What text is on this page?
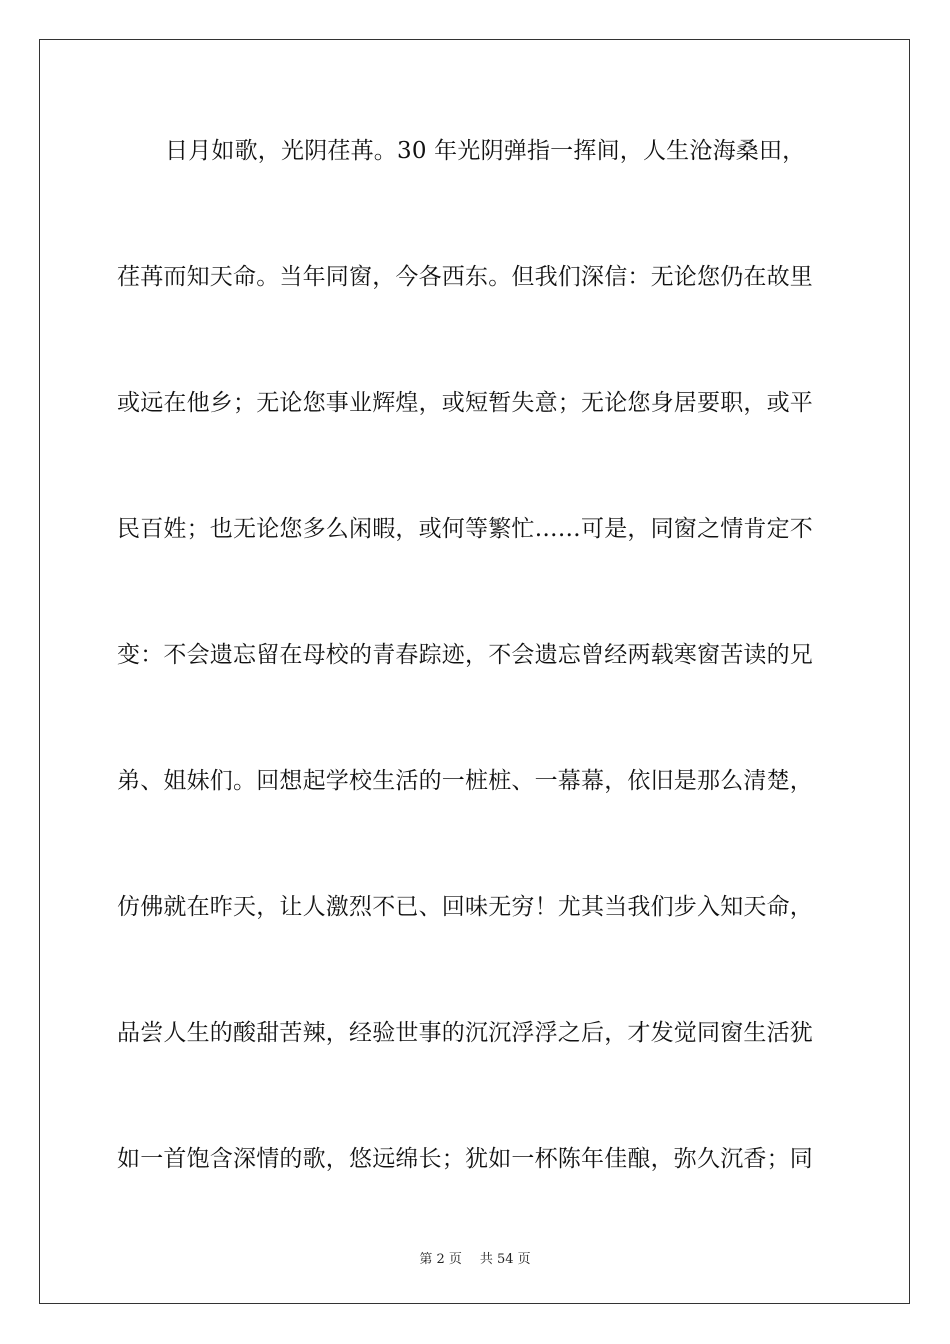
日月如歌，光阴荏苒。30 年光阴弹指一挥间，人生沧海桑田，
荏苒而知天命。当年同窗，今各西东。但我们深信：无论您仍在故里
或远在他乡；无论您事业辉煌，或短暂失意；无论您身居要职，或平
民百姓；也无论您多么闲暇，或何等繁忙……可是，同窗之情肯定不
变：不会遗忘留在母校的青春踪迹，不会遗忘曾经两载寒窗苦读的兄
弟、姐妹们。回想起学校生活的一桩桩、一幕幕，依旧是那么清楚，
仿佛就在昨天，让人激烈不已、回味无穷！尤其当我们步入知天命，
品尝人生的酸甜苦辣，经验世事的沉沉浮浮之后，才发觉同窗生活犹
如一首饱含深情的歌，悠远绵长；犹如一杯陈年佳酿，弥久沉香；同
第 2 页 共 54 页
